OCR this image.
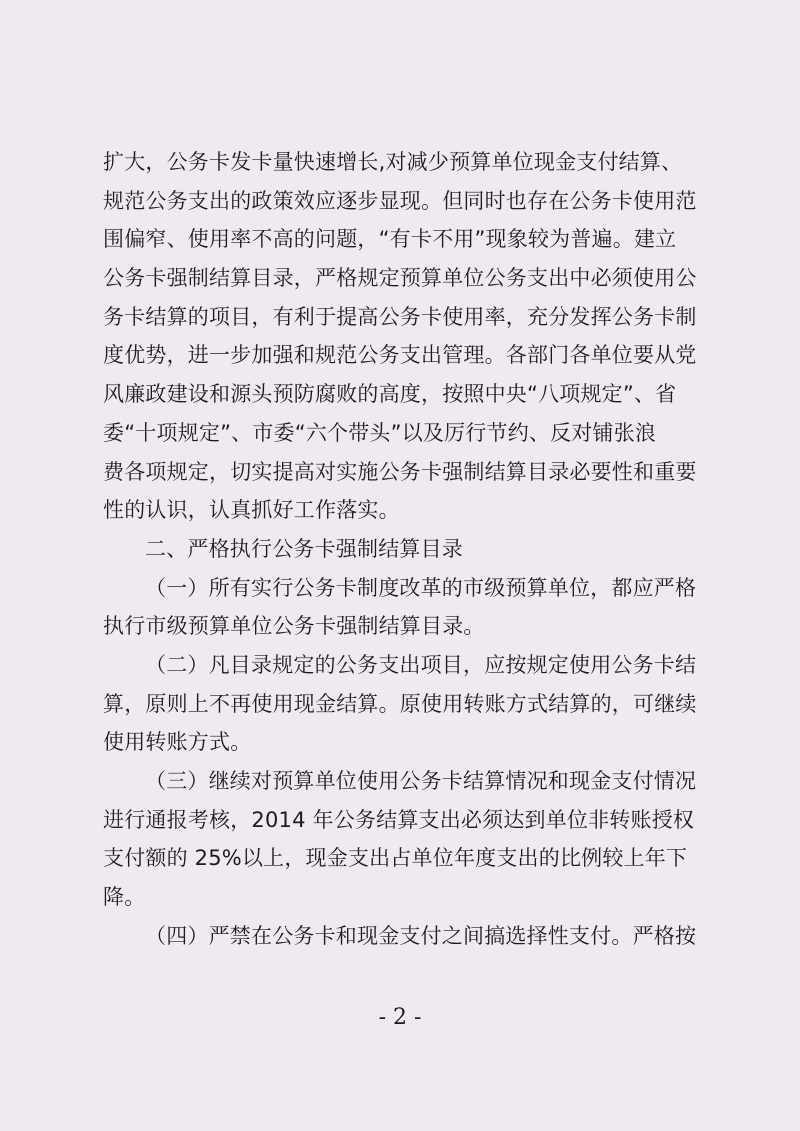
扩大，公务卡发卡量快速增长,对减少预算单位现金支付结算、
规范公务支出的政策效应逐步显现。但同时也存在公务卡使用范
围偏窄、使用率不高的问题，“有卡不用”现象较为普遍。建立
公务卡强制结算目录，严格规定预算单位公务支出中必须使用公
务卡结算的项目，有利于提高公务卡使用率，充分发挥公务卡制
度优势，进一步加强和规范公务支出管理。各部门各单位要从党
风廉政建设和源头预防腐败的高度，按照中央“八项规定”、省
委“十项规定”、市委“六个带头”以及厉行节约、反对铺张浪
费各项规定，切实提高对实施公务卡强制结算目录必要性和重要
性的认识，认真抓好工作落实。
二、严格执行公务卡强制结算目录
（一）所有实行公务卡制度改革的市级预算单位，都应严格
执行市级预算单位公务卡强制结算目录。
（二）凡目录规定的公务支出项目，应按规定使用公务卡结
算，原则上不再使用现金结算。原使用转账方式结算的，可继续
使用转账方式。
（三）继续对预算单位使用公务卡结算情况和现金支付情况
进行通报考核，2014 年公务结算支出必须达到单位非转账授权
支付额的 25%以上，现金支出占单位年度支出的比例较上年下
降。
（四）严禁在公务卡和现金支付之间搞选择性支付。严格按
- 2 -
